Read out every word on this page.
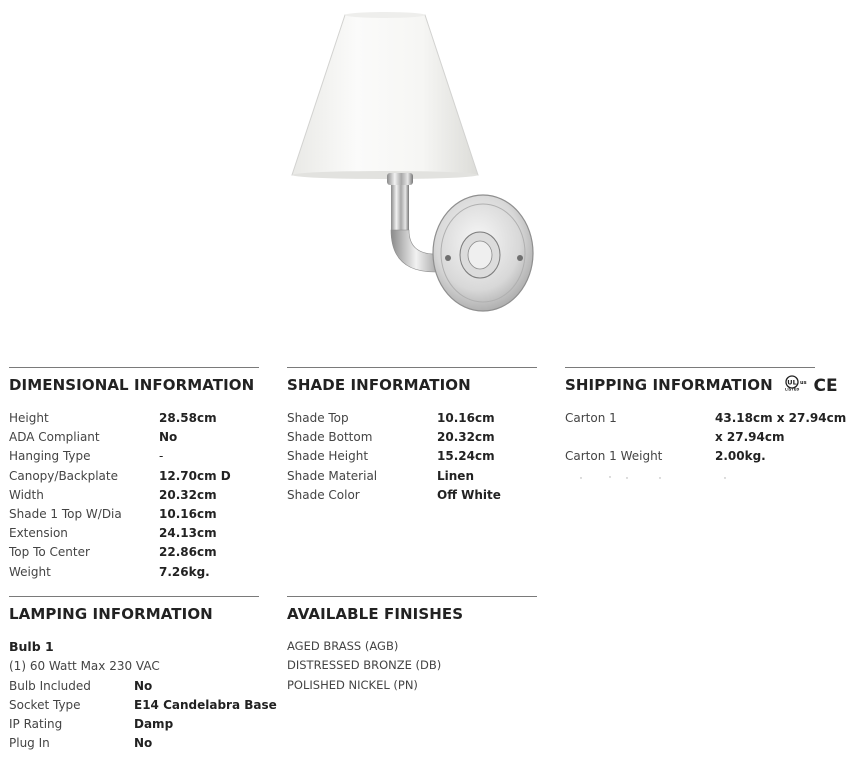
DIMENSIONAL INFORMATION
Height	28.58cm
ADA Compliant	No
Hanging Type	-
Canopy/Backplate	12.70cm D
Width	20.32cm
Shade 1 Top W/Dia	10.16cm
Extension	24.13cm
Top To Center	22.86cm
Weight	7.26kg.
SHADE INFORMATION
Shade Top	10.16cm
Shade Bottom	20.32cm
Shade Height	15.24cm
Shade Material	Linen
Shade Color	Off White
SHIPPING INFORMATION UL
LISTED
us CE
Carton 1	43.18cm x 27.94cm
x 27.94cm
Carton 1 Weight	2.00kg.
LAMPING INFORMATION
Bulb 1
(1) 60 Watt Max 230 VAC
Bulb Included	No
Socket Type	E14 Candelabra Base
IP Rating	Damp
Plug In	No
AVAILABLE FINISHES
AGED BRASS (AGB)
DISTRESSED BRONZE (DB)
POLISHED NICKEL (PN)
